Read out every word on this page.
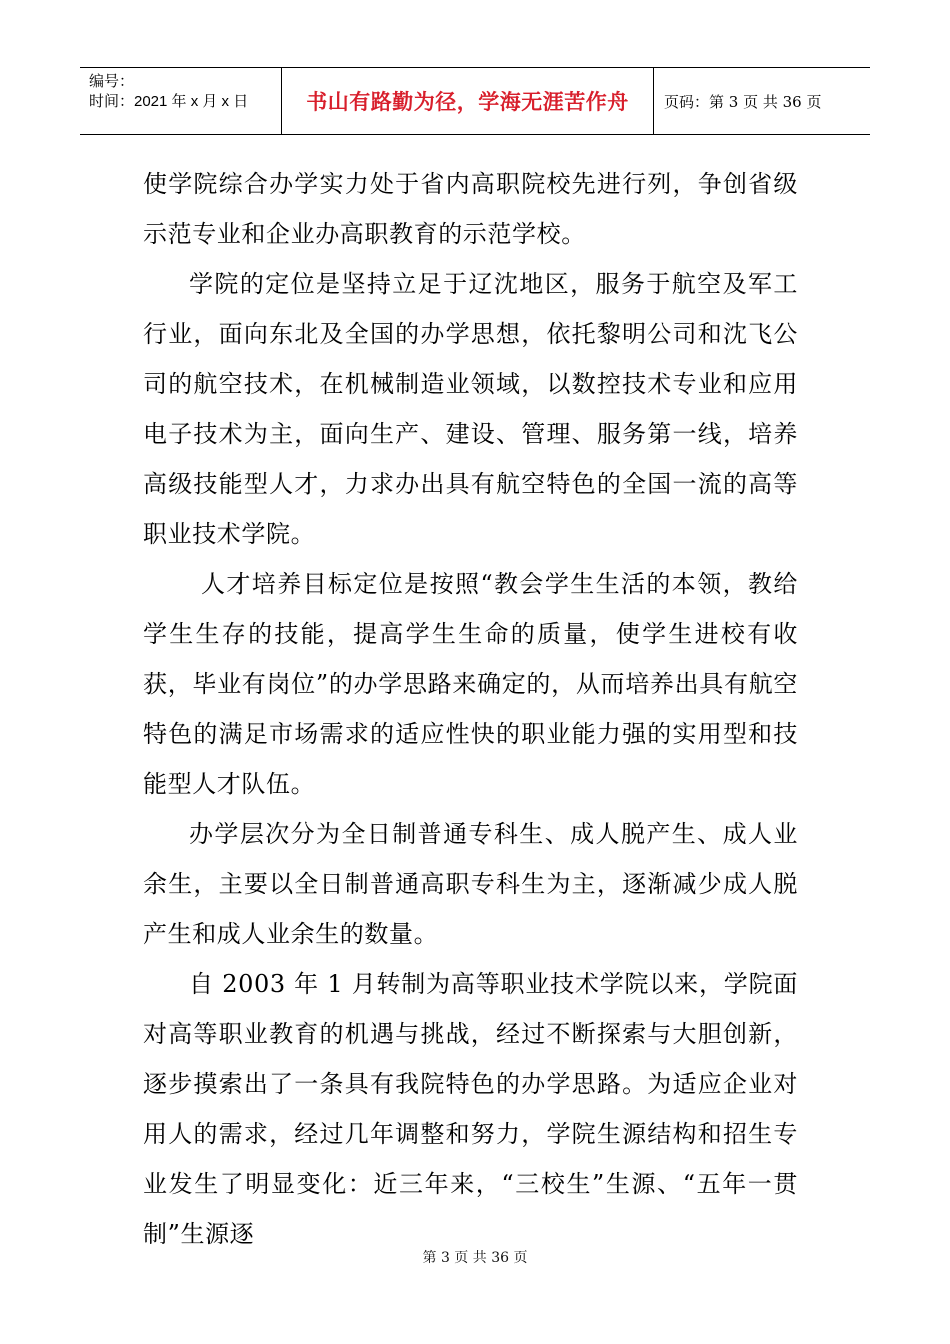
编号：
时间：2021 年 x 月 x 日	书山有路勤为径，学海无涯苦作舟	页码：第 3 页 共 36 页

使学院综合办学实力处于省内高职院校先进行列，争创省级示范专业和企业办高职教育的示范学校。

学院的定位是坚持立足于辽沈地区，服务于航空及军工行业，面向东北及全国的办学思想，依托黎明公司和沈飞公司的航空技术，在机械制造业领域，以数控技术专业和应用电子技术为主，面向生产、建设、管理、服务第一线，培养高级技能型人才，力求办出具有航空特色的全国一流的高等职业技术学院。

人才培养目标定位是按照“教会学生生活的本领，教给学生生存的技能，提高学生生命的质量，使学生进校有收获，毕业有岗位”的办学思路来确定的，从而培养出具有航空特色的满足市场需求的适应性快的职业能力强的实用型和技能型人才队伍。

办学层次分为全日制普通专科生、成人脱产生、成人业余生，主要以全日制普通高职专科生为主，逐渐减少成人脱产生和成人业余生的数量。

自 2003 年 1 月转制为高等职业技术学院以来，学院面对高等职业教育的机遇与挑战，经过不断探索与大胆创新，逐步摸索出了一条具有我院特色的办学思路。为适应企业对用人的需求，经过几年调整和努力，学院生源结构和招生专业发生了明显变化：近三年来，“三校生”生源、“五年一贯制”生源逐

第 3 页 共 36 页
